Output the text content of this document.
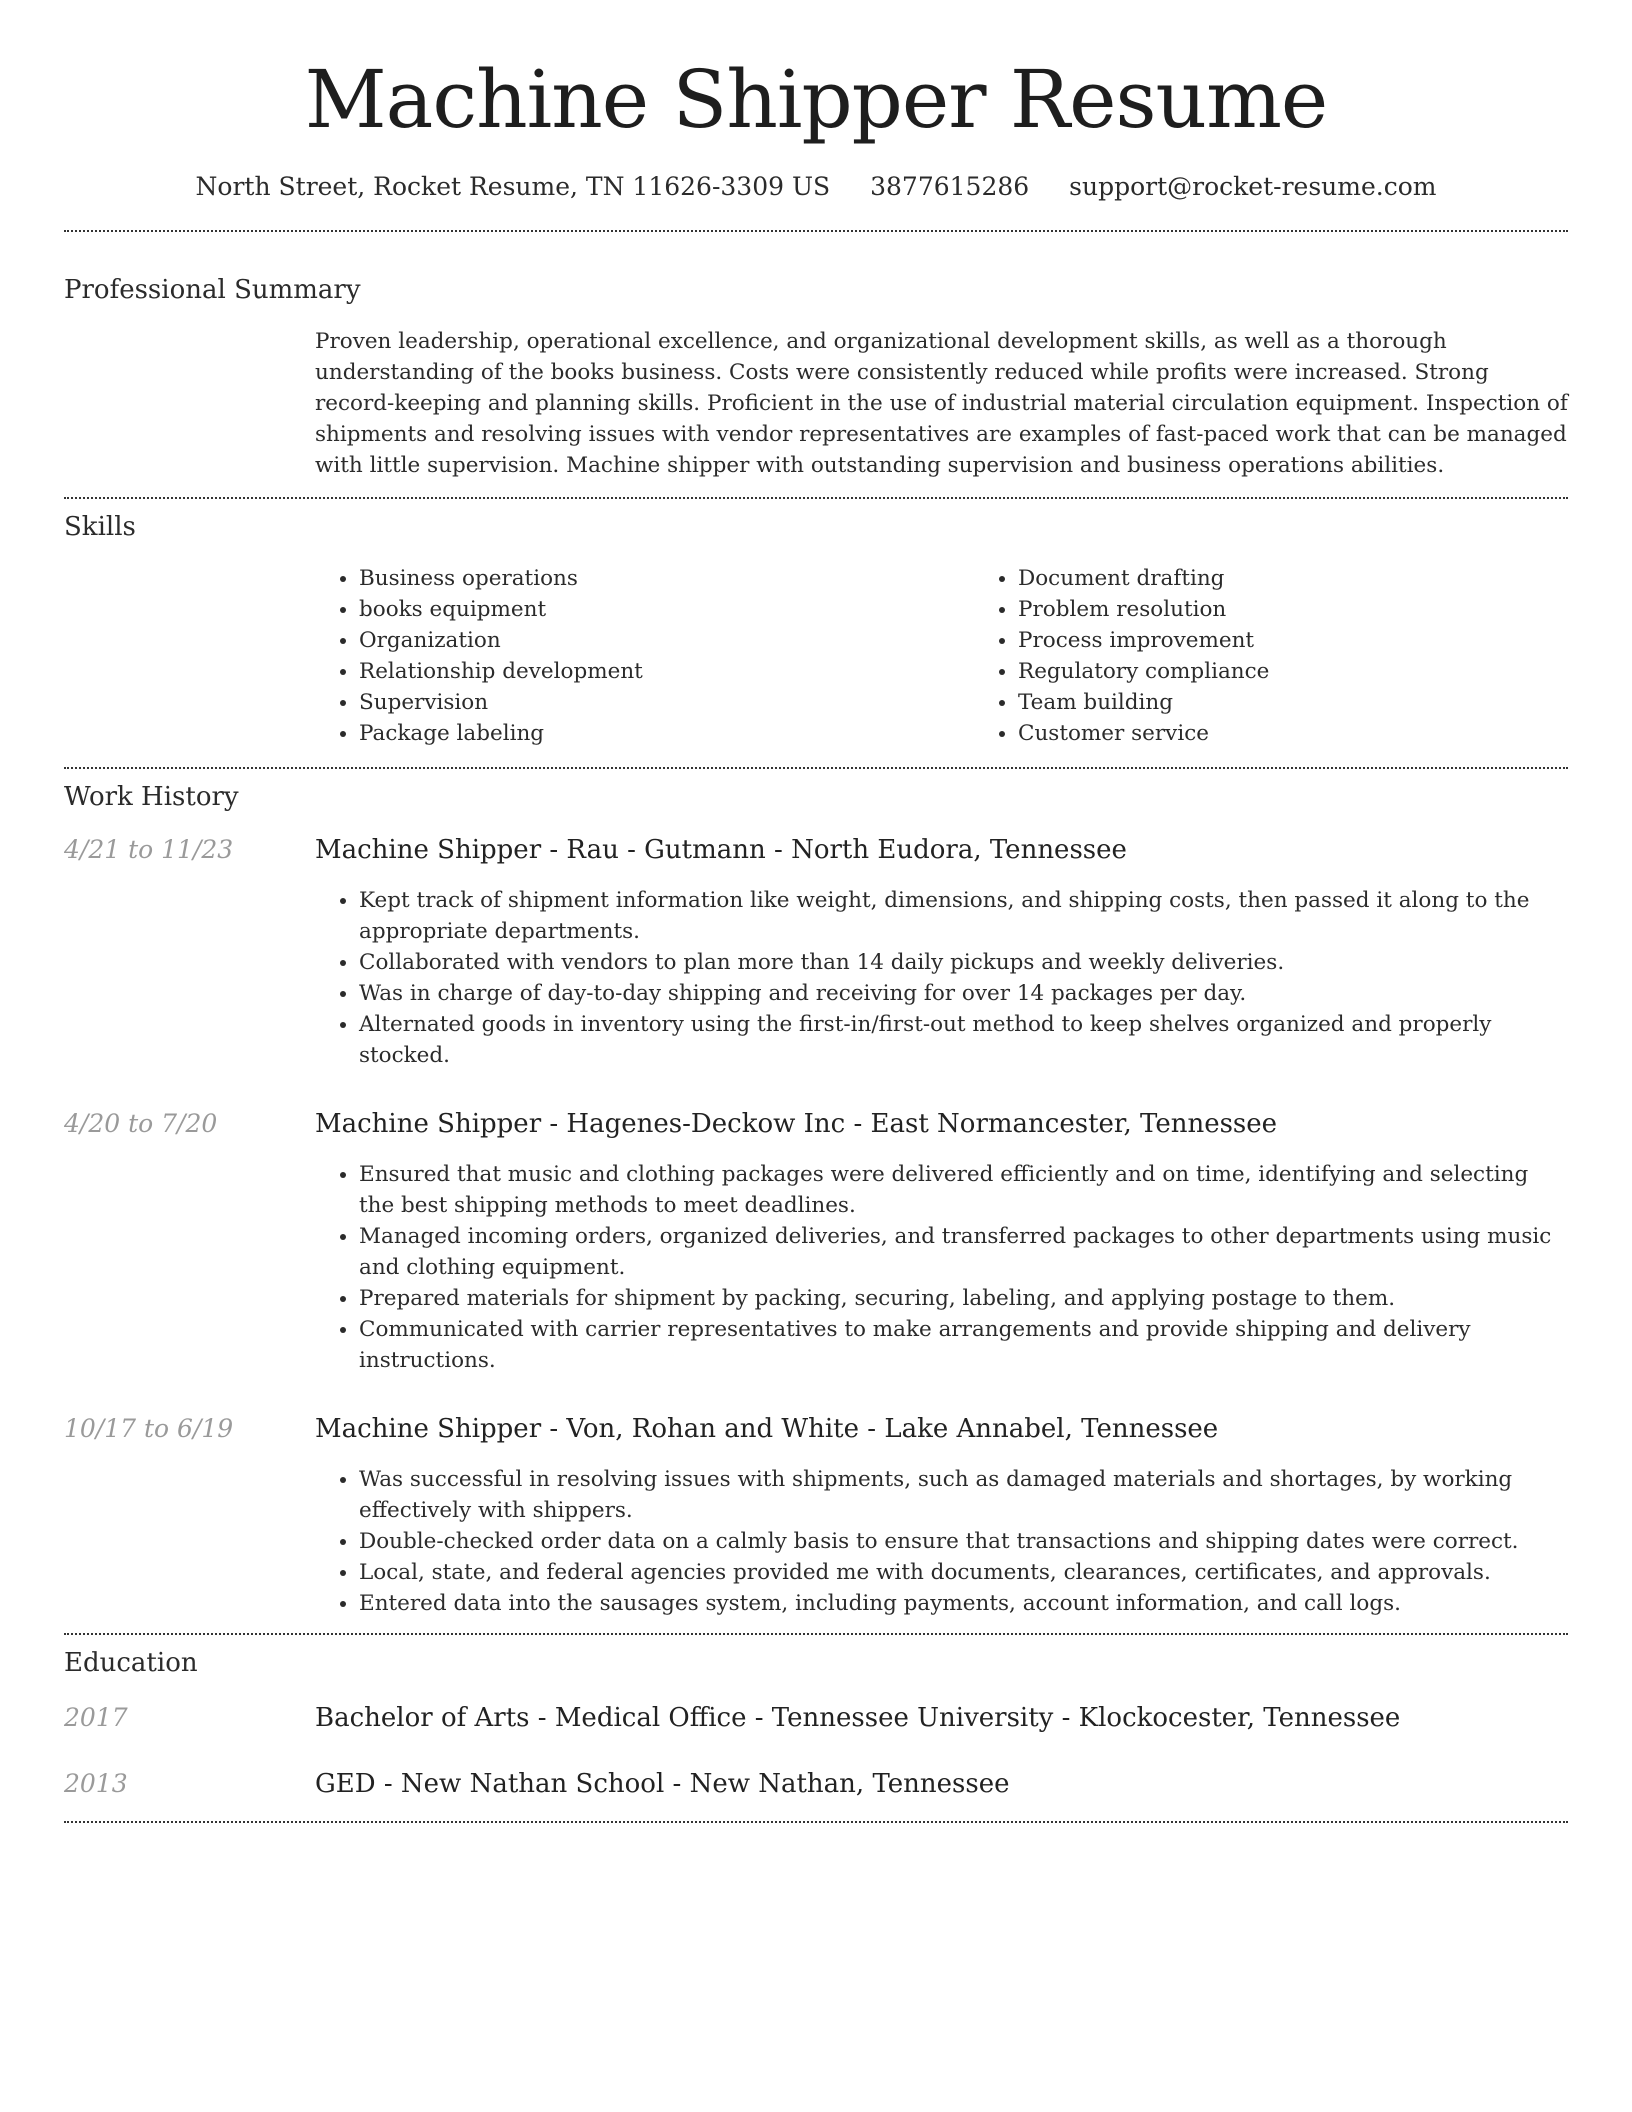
Machine Shipper Resume
North Street, Rocket Resume, TN 11626-3309 US 3877615286 support@rocket-resume.com
Professional Summary
Proven leadership, operational excellence, and organizational development skills, as well as a thorough understanding of the books business. Costs were consistently reduced while profits were increased. Strong record-keeping and planning skills. Proficient in the use of industrial material circulation equipment. Inspection of shipments and resolving issues with vendor representatives are examples of fast-paced work that can be managed with little supervision. Machine shipper with outstanding supervision and business operations abilities.
Skills
• Business operations
• books equipment
• Organization
• Relationship development
• Supervision
• Package labeling
• Document drafting
• Problem resolution
• Process improvement
• Regulatory compliance
• Team building
• Customer service
Work History
4/21 to 11/23	Machine Shipper - Rau - Gutmann - North Eudora, Tennessee
• Kept track of shipment information like weight, dimensions, and shipping costs, then passed it along to the appropriate departments.
• Collaborated with vendors to plan more than 14 daily pickups and weekly deliveries.
• Was in charge of day-to-day shipping and receiving for over 14 packages per day.
• Alternated goods in inventory using the first-in/first-out method to keep shelves organized and properly stocked.
4/20 to 7/20	Machine Shipper - Hagenes-Deckow Inc - East Normancester, Tennessee
• Ensured that music and clothing packages were delivered efficiently and on time, identifying and selecting the best shipping methods to meet deadlines.
• Managed incoming orders, organized deliveries, and transferred packages to other departments using music and clothing equipment.
• Prepared materials for shipment by packing, securing, labeling, and applying postage to them.
• Communicated with carrier representatives to make arrangements and provide shipping and delivery instructions.
10/17 to 6/19	Machine Shipper - Von, Rohan and White - Lake Annabel, Tennessee
• Was successful in resolving issues with shipments, such as damaged materials and shortages, by working effectively with shippers.
• Double-checked order data on a calmly basis to ensure that transactions and shipping dates were correct.
• Local, state, and federal agencies provided me with documents, clearances, certificates, and approvals.
• Entered data into the sausages system, including payments, account information, and call logs.
Education
2017	Bachelor of Arts - Medical Office - Tennessee University - Klockocester, Tennessee
2013	GED - New Nathan School - New Nathan, Tennessee
